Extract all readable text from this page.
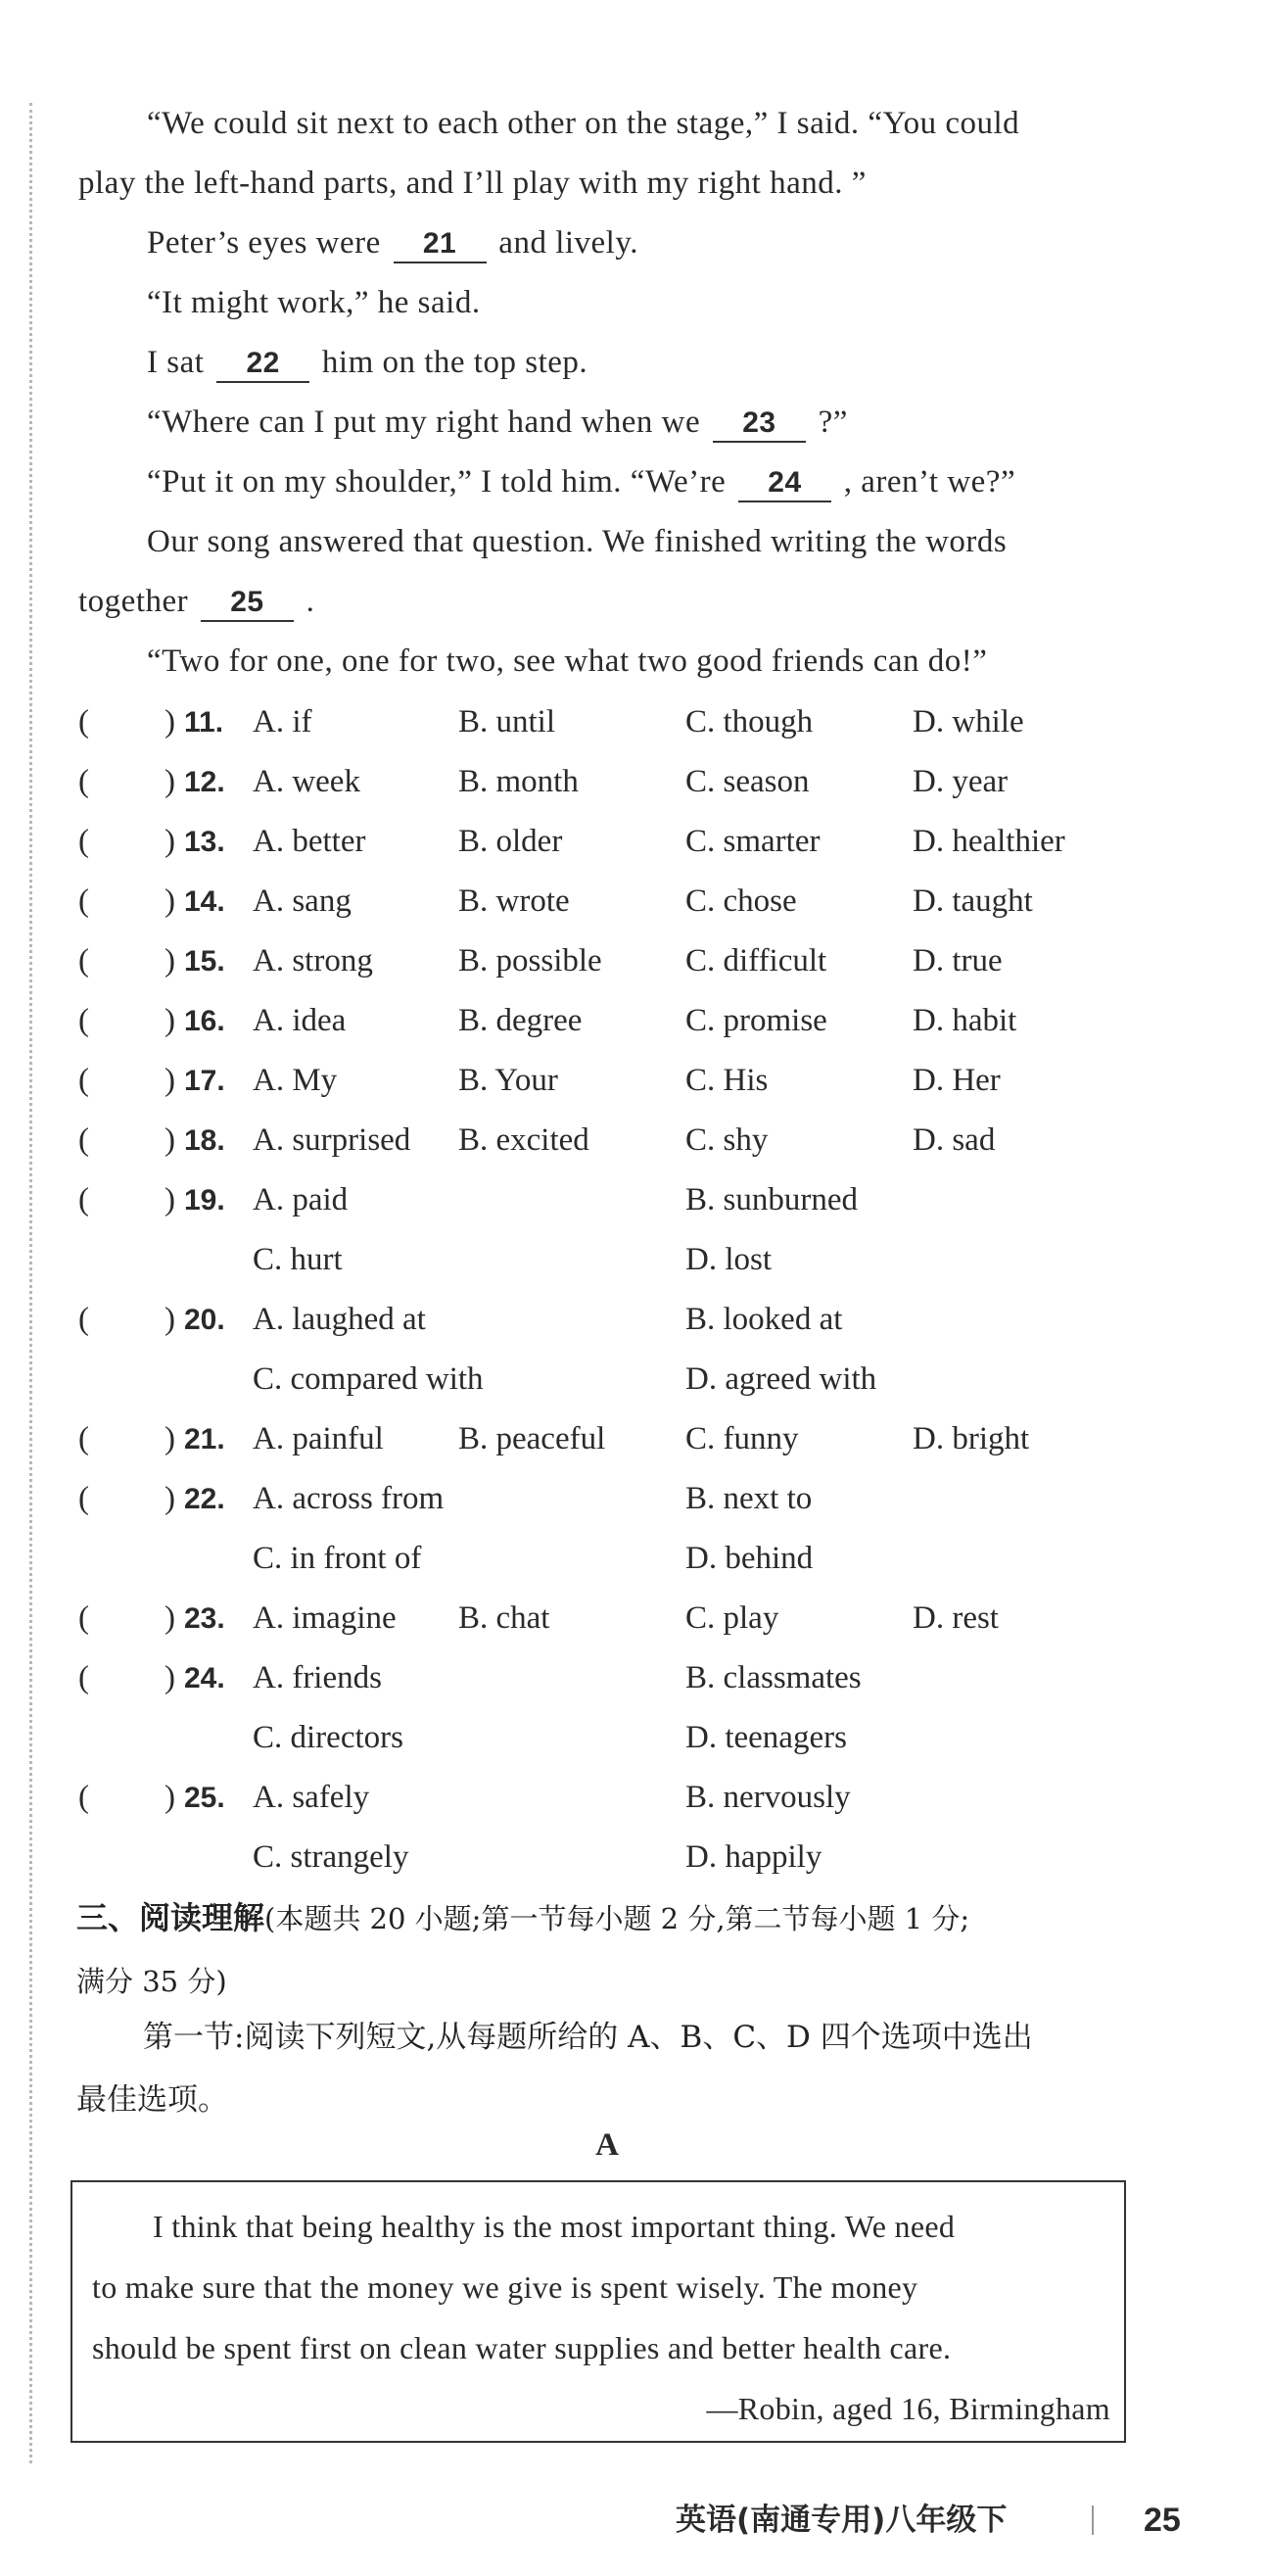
“We could sit next to each other on the stage,” I said. “You could
play the left-hand parts, and I’ll play with my right hand. ”
Peter’s eyes were 21 and lively.
“It might work,” he said.
I sat 22 him on the top step.
“Where can I put my right hand when we 23 ?”
“Put it on my shoulder,” I told him. “We’re 24 , aren’t we?”
Our song answered that question. We finished writing the words
together 25 .
“Two for one, one for two, see what two good friends can do!”
( ) 11. A. if	B. until	C. though	D. while
( ) 12. A. week	B. month	C. season	D. year
( ) 13. A. better	B. older	C. smarter	D. healthier
( ) 14. A. sang	B. wrote	C. chose	D. taught
( ) 15. A. strong	B. possible	C. difficult	D. true
( ) 16. A. idea	B. degree	C. promise	D. habit
( ) 17. A. My	B. Your	C. His	D. Her
( ) 18. A. surprised B. excited	C. shy	D. sad
( ) 19. A. paid	B. sunburned
C. hurt	D. lost
( ) 20. A. laughed at	B. looked at
C. compared with	D. agreed with
( ) 21. A. painful B. peaceful C. funny	D. bright
( ) 22. A. across from	B. next to
C. in front of	D. behind
( ) 23. A. imagine B. chat	C. play	D. rest
( ) 24. A. friends	B. classmates
C. directors	D. teenagers
( ) 25. A. safely	B. nervously
C. strangely	D. happily
三、阅读理解(本题共 20 小题;第一节每小题 2 分,第二节每小题 1 分;
满分 35 分)
第一节:阅读下列短文,从每题所给的 A、B、C、D 四个选项中选出
最佳选项。
A
I think that being healthy is the most important thing. We need
to make sure that the money we give is spent wisely. The money
should be spent first on clean water supplies and better health care.
—Robin, aged 16, Birmingham
英语(南通专用)八年级下	25
